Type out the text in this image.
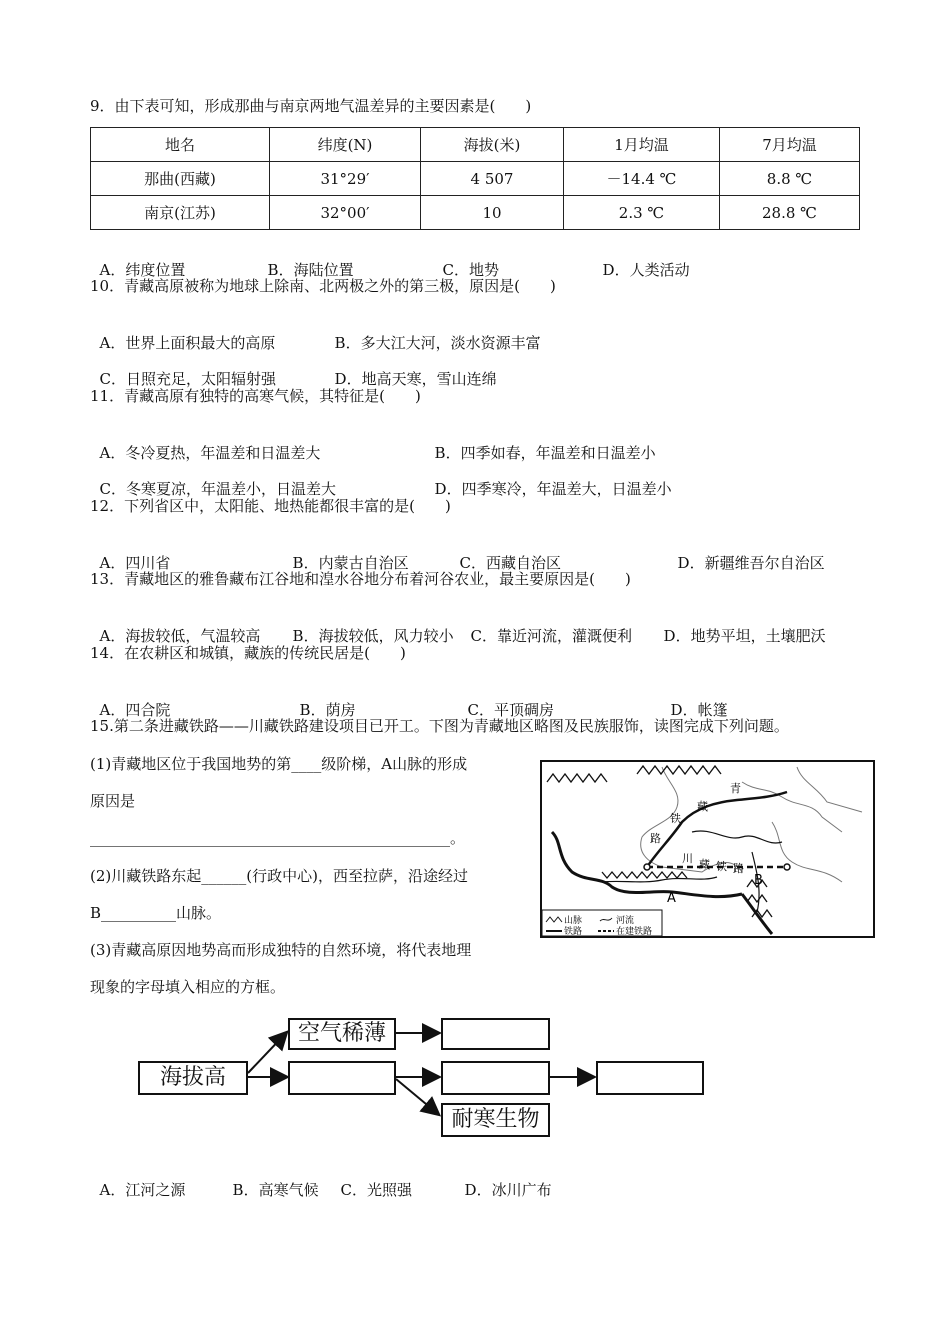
9．由下表可知，形成那曲与南京两地气温差异的主要因素是(　　)
地名	纬度(N)	海拔(米)	1月均温	7月均温
那曲(西藏)	31°29′	4 507	－14.4 ℃	8.8 ℃
南京(江苏)	32°00′	10	2.3 ℃	28.8 ℃

A．纬度位置	B．海陆位置	C．地势	D．人类活动

10．青藏高原被称为地球上除南、北两极之外的第三极，原因是(　　)

A．世界上面积最大的高原	B．多大江大河，淡水资源丰富

C．日照充足，太阳辐射强	D．地高天寒，雪山连绵

11．青藏高原有独特的高寒气候，其特征是(　　)

A．冬冷夏热，年温差和日温差大	B．四季如春，年温差和日温差小

C．冬寒夏凉，年温差小，日温差大	D．四季寒冷，年温差大，日温差小

12．下列省区中，太阳能、地热能都很丰富的是(　　)

A．四川省	B．内蒙古自治区	C．西藏自治区	D．新疆维吾尔自治区

13．青藏地区的雅鲁藏布江谷地和湟水谷地分布着河谷农业，最主要原因是(　　)

A．海拔较低，气温较高 B．海拔较低，风力较小 C．靠近河流，灌溉便利 D．地势平坦，土壤肥沃

14．在农耕区和城镇，藏族的传统民居是(　　)

A．四合院	B．荫房	C．平顶碉房	D．帐篷

15.第二条进藏铁路——川藏铁路建设项目已开工。下图为青藏地区略图及民族服饰，读图完成下列问题。
(1)青藏地区位于我国地势的第____级阶梯，A山脉的形成
原因是
________________________________________________。
(2)川藏铁路东起______(行政中心)，西至拉萨，沿途经过
B__________山脉。
(3)青藏高原因地势高而形成独特的自然环境，将代表地理
现象的字母填入相应的方框。
青
藏
铁
路
川 藏 铁 路
A
B
山脉	河流
铁路	在建铁路
海拔高
空气稀薄
耐寒生物

A．江河之源	B．高寒气候 C．光照强	D．冰川广布
